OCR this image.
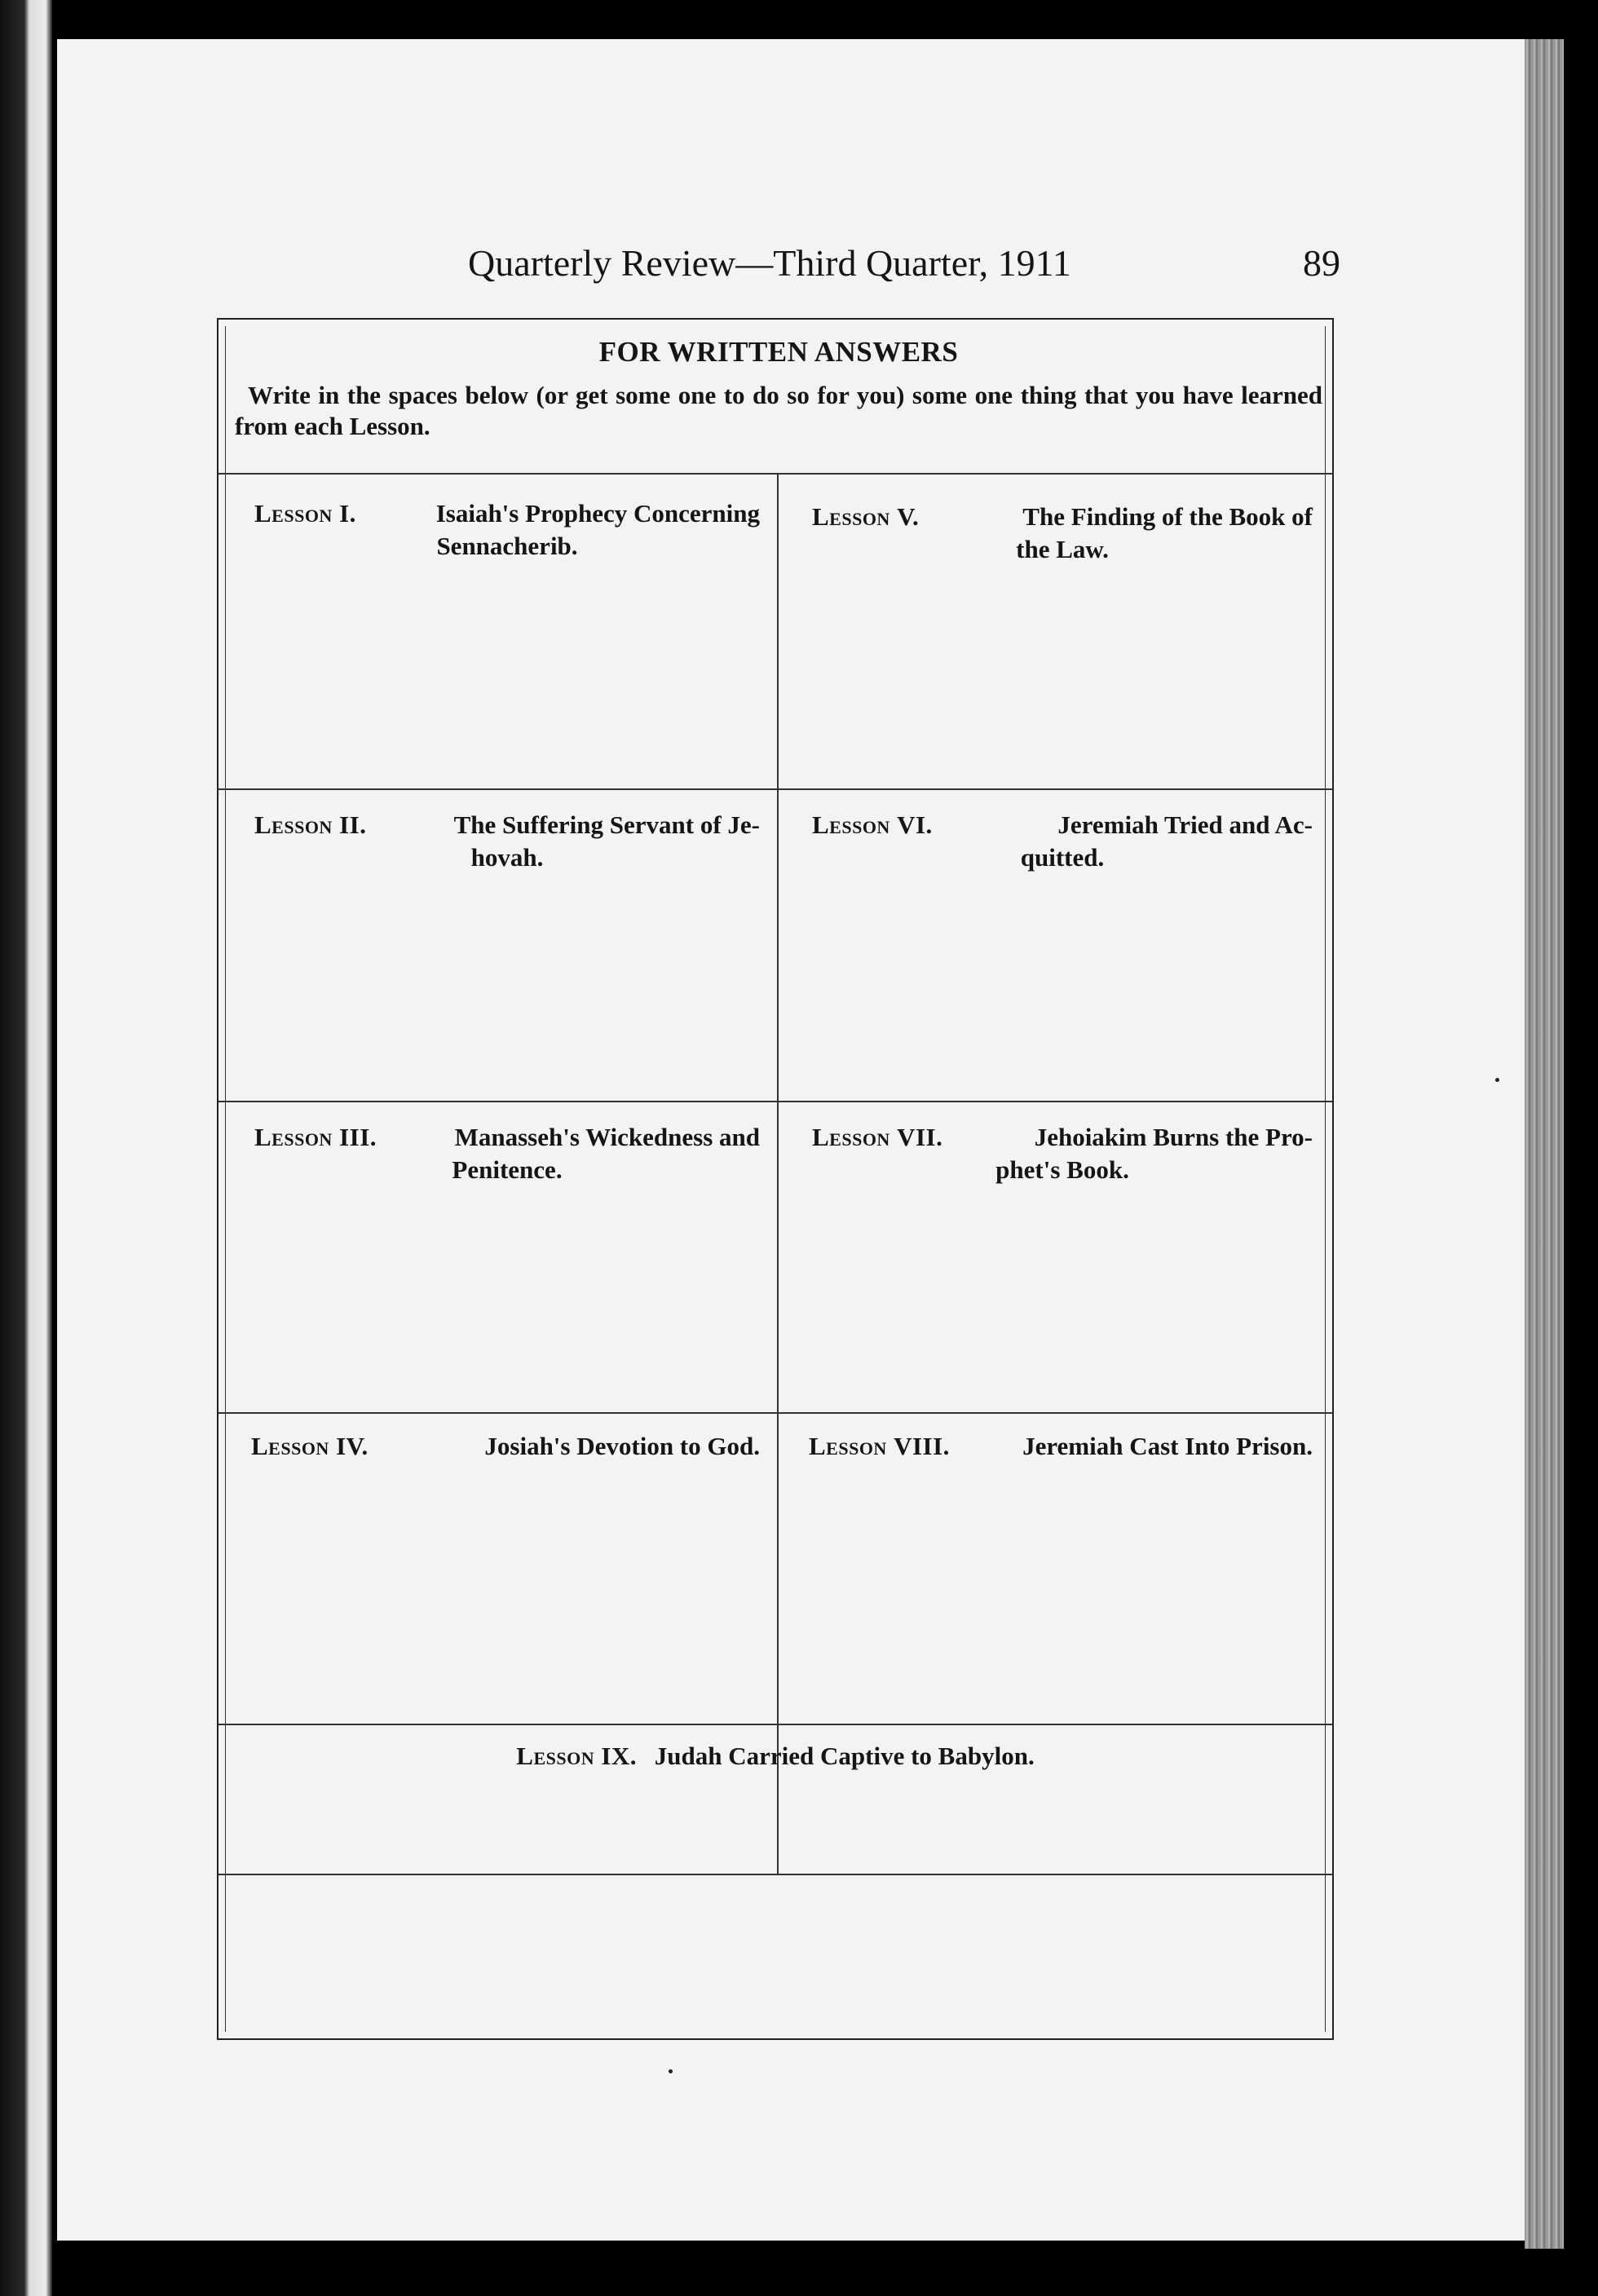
Quarterly Review—Third Quarter, 1911	89

FOR WRITTEN ANSWERS

Write in the spaces below (or get some one to do so for you) some one thing that you have learned from each Lesson.

Lesson I.	Isaiah's Prophecy Concerning
Sennacherib.
Lesson V.	The Finding of the Book of
the Law.
Lesson II.	The Suffering Servant of Je-
hovah.
Lesson VI.	Jeremiah Tried and Ac-
quitted.
Lesson III.	Manasseh's Wickedness and
Penitence.
Lesson VII.	Jehoiakim Burns the Pro-
phet's Book.
Lesson IV.	Josiah's Devotion to God. Lesson VIII.	Jeremiah Cast Into Prison.
Lesson IX. Judah Carried Captive to Babylon.
